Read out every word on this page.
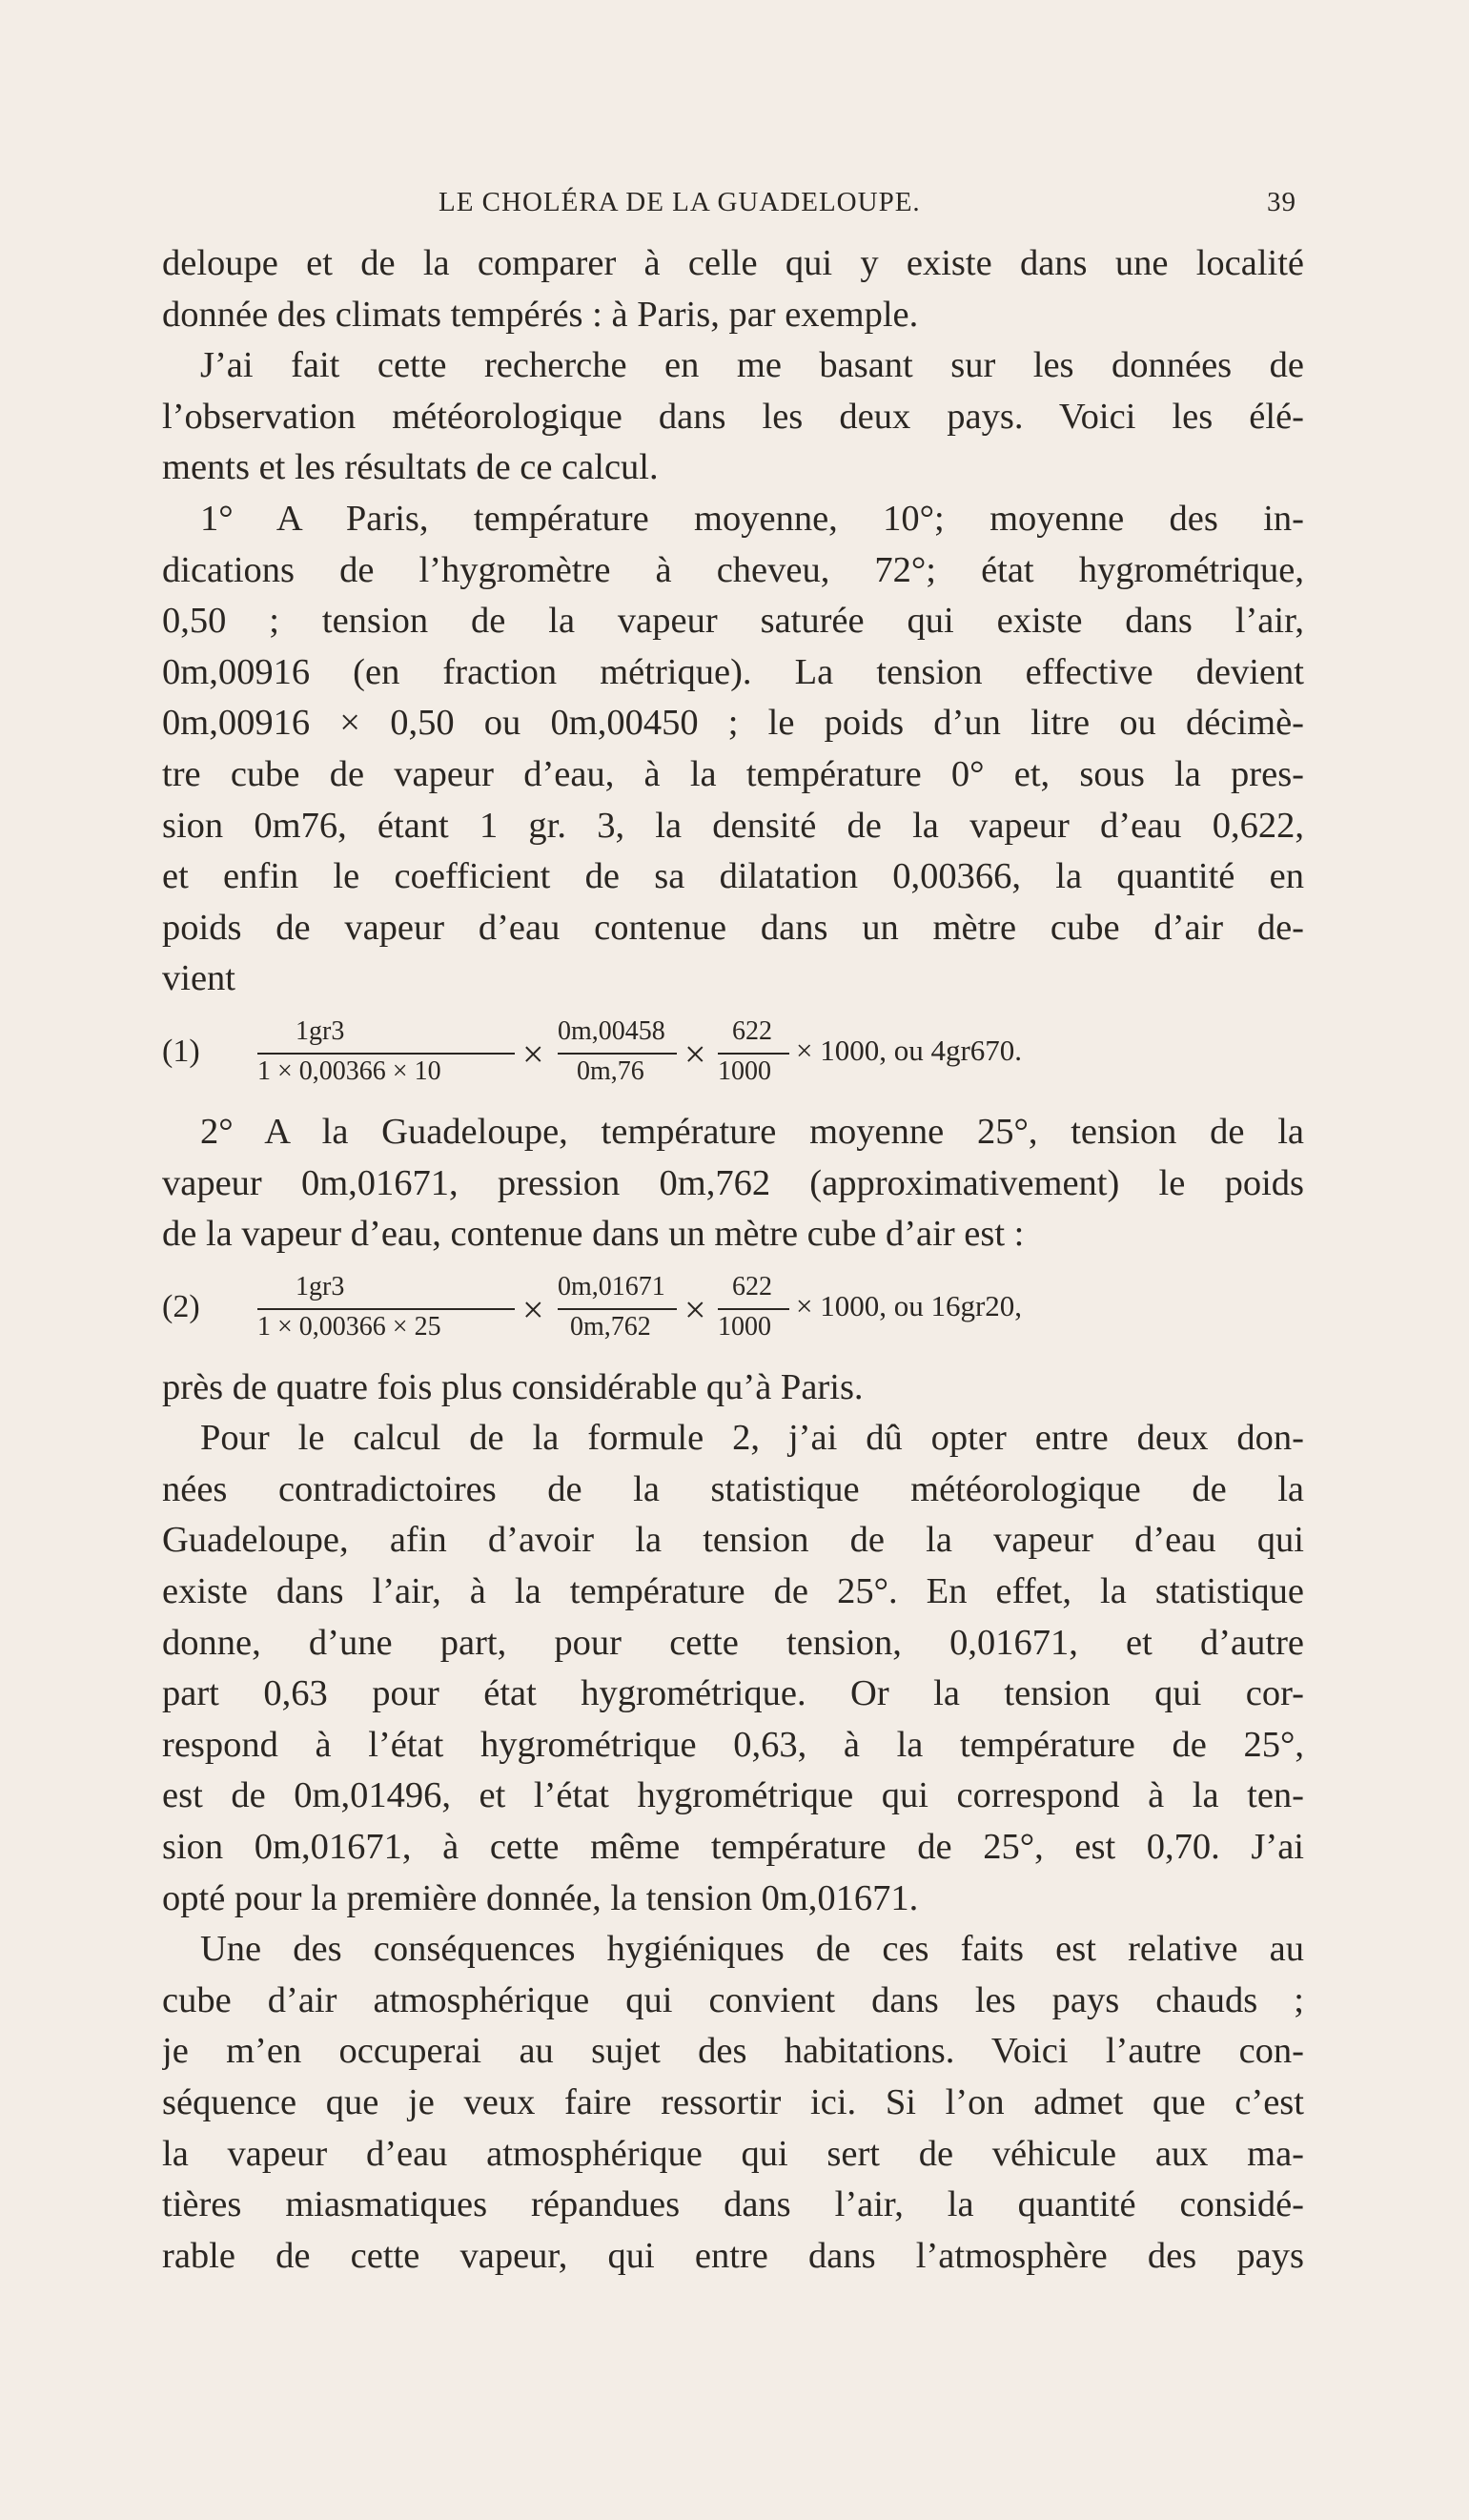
LE CHOLÉRA DE LA GUADELOUPE.	39
deloupe et de la comparer à celle qui y existe dans une localité
donnée des climats tempérés : à Paris, par exemple.
J’ai fait cette recherche en me basant sur les données de
l’observation météorologique dans les deux pays. Voici les élé-
ments et les résultats de ce calcul.
1° A Paris, température moyenne, 10°; moyenne des in-
dications de l’hygromètre à cheveu, 72°; état hygrométrique,
0,50 ; tension de la vapeur saturée qui existe dans l’air,
0m,00916 (en fraction métrique). La tension effective devient
0m,00916 × 0,50 ou 0m,00450 ; le poids d’un litre ou décimè-
tre cube de vapeur d’eau, à la température 0° et, sous la pres-
sion 0m76, étant 1 gr. 3, la densité de la vapeur d’eau 0,622,
et enfin le coefficient de sa dilatation 0,00366, la quantité en
poids de vapeur d’eau contenue dans un mètre cube d’air de-
vient
(1)
1gr3
1 × 0,00366 × 10 ×
0m,00458
0m,76 ×
622
1000
× 1000, ou 4gr670.
2° A la Guadeloupe, température moyenne 25°, tension de la
vapeur 0m,01671, pression 0m,762 (approximativement) le poids
de la vapeur d’eau, contenue dans un mètre cube d’air est :
(2)
1gr3
1 × 0,00366 × 25 ×
0m,01671
0m,762 ×
622
1000
× 1000, ou 16gr20,
près de quatre fois plus considérable qu’à Paris.
Pour le calcul de la formule 2, j’ai dû opter entre deux don-
nées contradictoires de la statistique météorologique de la
Guadeloupe, afin d’avoir la tension de la vapeur d’eau qui
existe dans l’air, à la température de 25°. En effet, la statistique
donne, d’une part, pour cette tension, 0,01671, et d’autre
part 0,63 pour état hygrométrique. Or la tension qui cor-
respond à l’état hygrométrique 0,63, à la température de 25°,
est de 0m,01496, et l’état hygrométrique qui correspond à la ten-
sion 0m,01671, à cette même température de 25°, est 0,70. J’ai
opté pour la première donnée, la tension 0m,01671.
Une des conséquences hygiéniques de ces faits est relative au
cube d’air atmosphérique qui convient dans les pays chauds ;
je m’en occuperai au sujet des habitations. Voici l’autre con-
séquence que je veux faire ressortir ici. Si l’on admet que c’est
la vapeur d’eau atmosphérique qui sert de véhicule aux ma-
tières miasmatiques répandues dans l’air, la quantité considé-
rable de cette vapeur, qui entre dans l’atmosphère des pays
